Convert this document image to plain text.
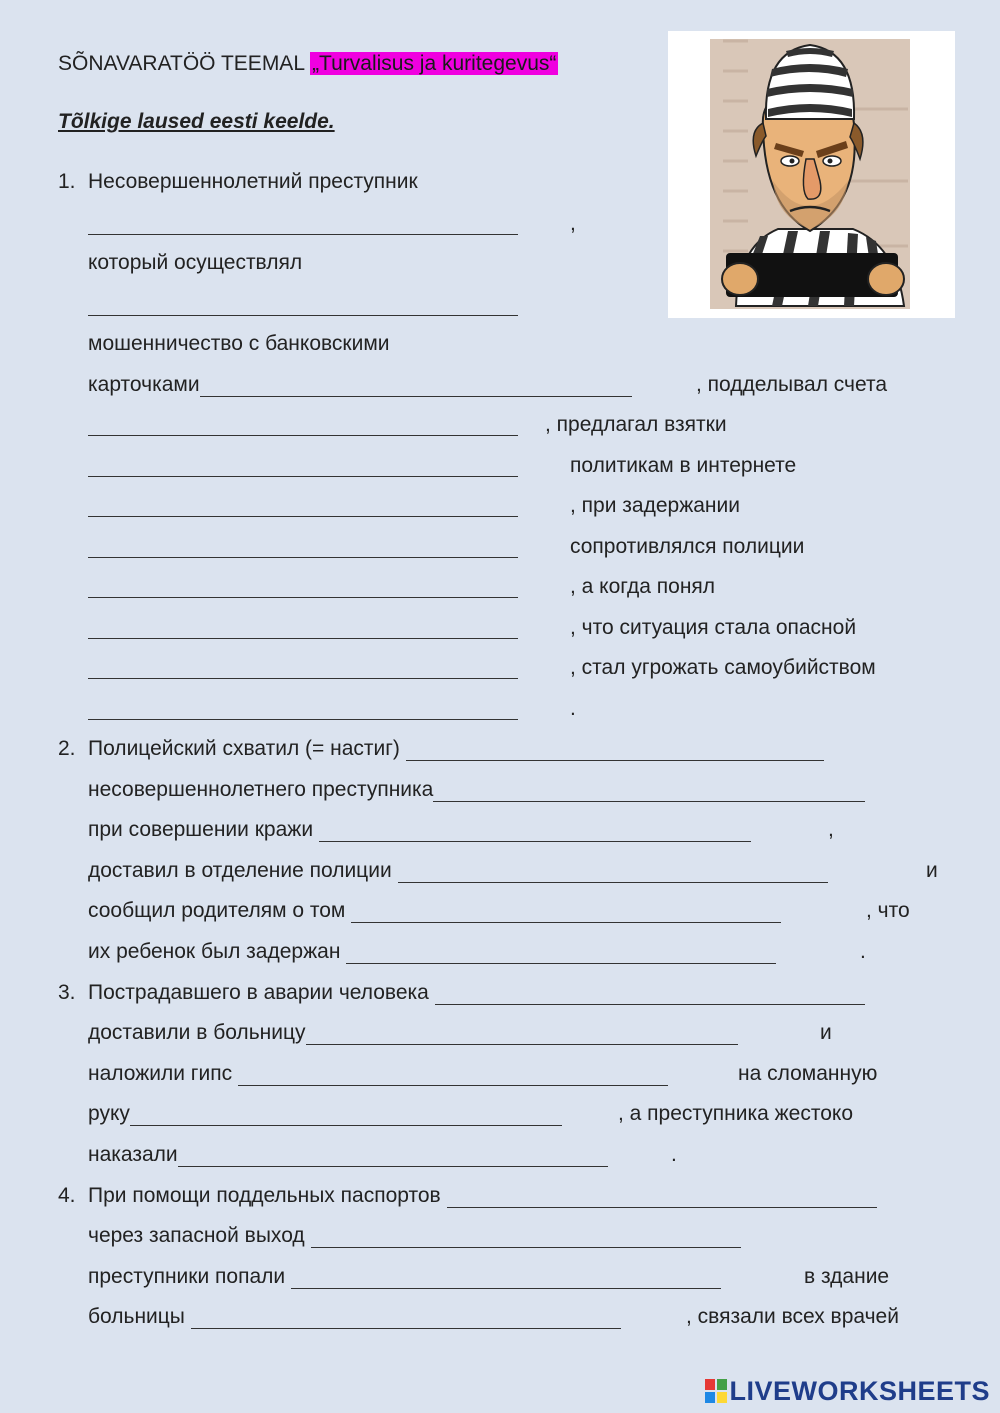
SÕNAVARATÖÖ TEEMAL „Turvalisus ja kuritegevus“
Tõlkige laused eesti keelde.
1. Несовершеннолетний преступник
,
который осуществлял
мошенничество с банковскими
карточками	, подделывал счета
, предлагал взятки
политикам в интернете
, при задержании
сопротивлялся полиции
, а когда понял
, что ситуация стала опасной
, стал угрожать самоубийством
.
2. Полицейский схватил (= настиг)
несовершеннолетнего преступника
при совершении кражи	,
доставил в отделение полиции	и
сообщил родителям о том	, что
их ребенок был задержан	.
3. Пострадавшего в аварии человека
доставили в больницу	и
наложили гипс	на сломанную
руку	, а преступника жестоко
наказали	.
4. При помощи поддельных паспортов
через запасной выход
преступники попали	в здание
больницы	, связали всех врачей
LIVEWORKSHEETS
